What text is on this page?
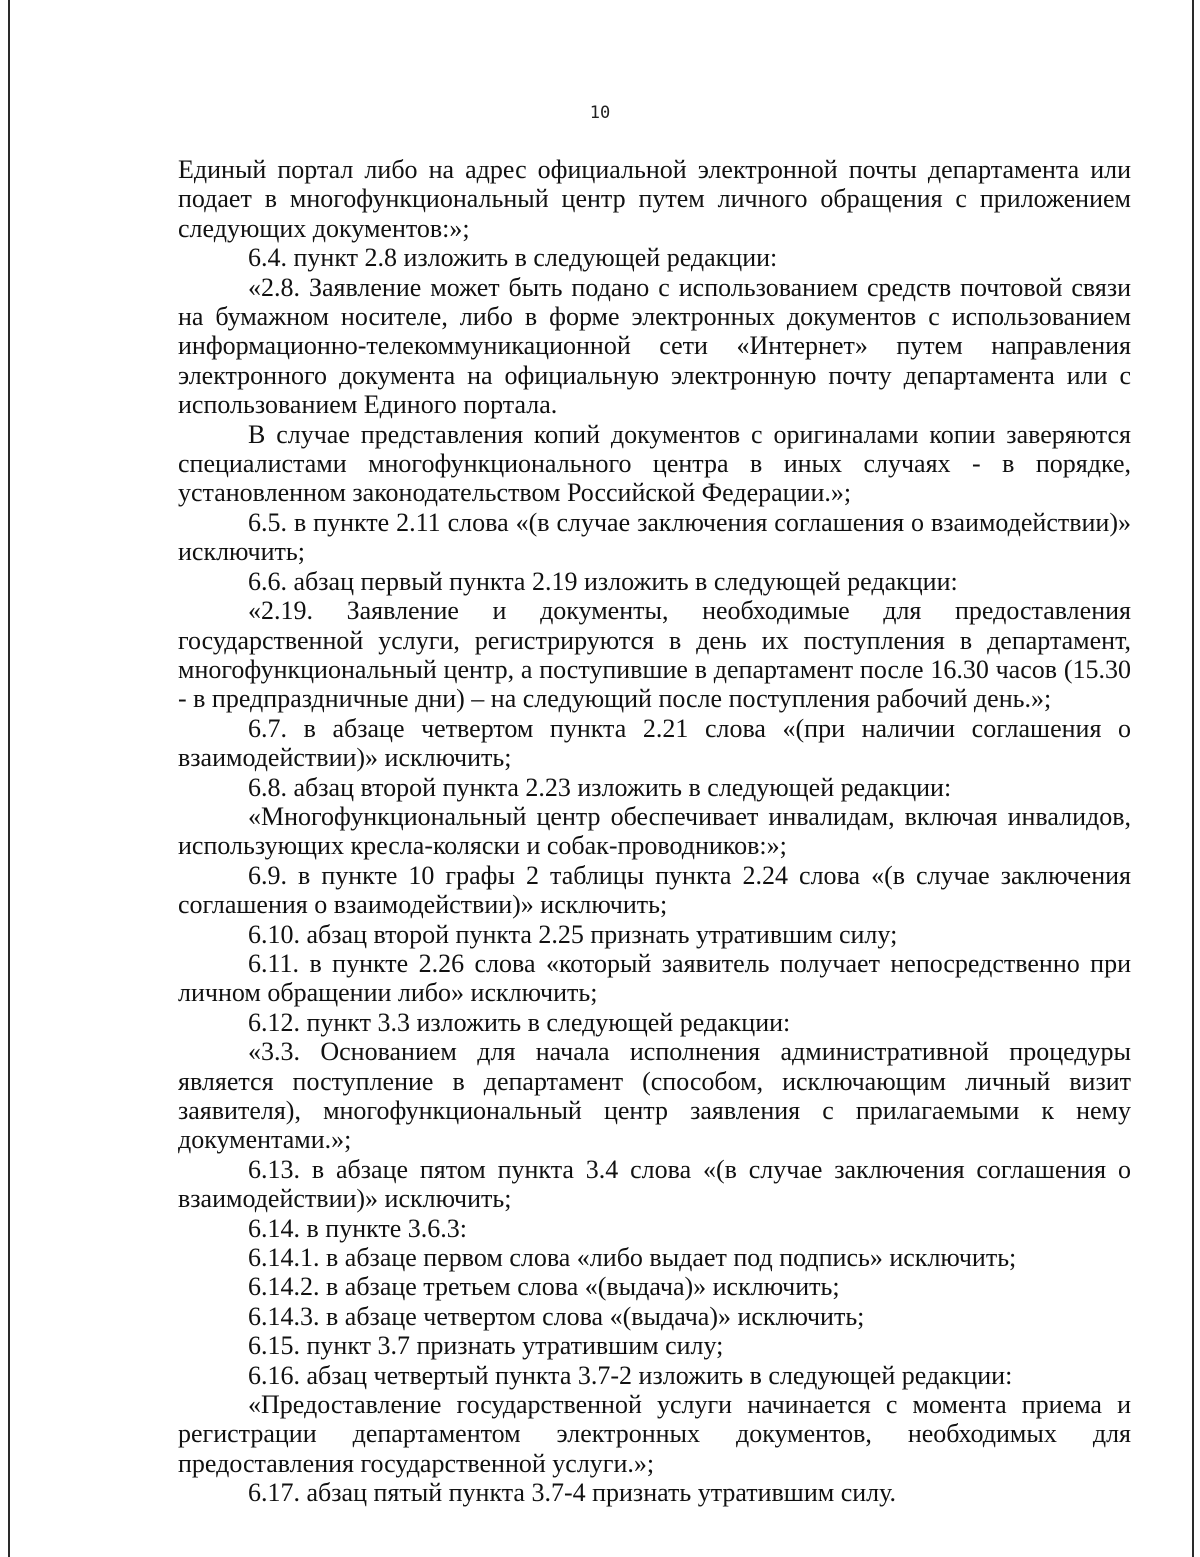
10

Единый портал либо на адрес официальной электронной почты департамента или подает в многофункциональный центр путем личного обращения с приложением следующих документов:»;

6.4. пункт 2.8 изложить в следующей редакции:

«2.8. Заявление может быть подано с использованием средств почтовой связи на бумажном носителе, либо в форме электронных документов с использованием информационно-телекоммуникационной сети «Интернет» путем направления электронного документа на официальную электронную почту департамента или с использованием Единого портала.

В случае представления копий документов с оригиналами копии заверяются специалистами многофункционального центра в иных случаях - в порядке, установленном законодательством Российской Федерации.»;

6.5. в пункте 2.11 слова «(в случае заключения соглашения о взаимодействии)» исключить;

6.6. абзац первый пункта 2.19 изложить в следующей редакции:

«2.19. Заявление и документы, необходимые для предоставления государственной услуги, регистрируются в день их поступления в департамент, многофункциональный центр, а поступившие в департамент после 16.30 часов (15.30 - в предпраздничные дни) – на следующий после поступления рабочий день.»;

6.7. в абзаце четвертом пункта 2.21 слова «(при наличии соглашения о взаимодействии)» исключить;

6.8. абзац второй пункта 2.23 изложить в следующей редакции:

«Многофункциональный центр обеспечивает инвалидам, включая инвалидов, использующих кресла-коляски и собак-проводников:»;

6.9. в пункте 10 графы 2 таблицы пункта 2.24 слова «(в случае заключения соглашения о взаимодействии)» исключить;

6.10. абзац второй пункта 2.25 признать утратившим силу;

6.11. в пункте 2.26 слова «который заявитель получает непосредственно при личном обращении либо» исключить;

6.12. пункт 3.3 изложить в следующей редакции:

«3.3. Основанием для начала исполнения административной процедуры является поступление в департамент (способом, исключающим личный визит заявителя), многофункциональный центр заявления с прилагаемыми к нему документами.»;

6.13. в абзаце пятом пункта 3.4 слова «(в случае заключения соглашения о взаимодействии)» исключить;

6.14. в пункте 3.6.3:

6.14.1. в абзаце первом слова «либо выдает под подпись» исключить;

6.14.2. в абзаце третьем слова «(выдача)» исключить;

6.14.3. в абзаце четвертом слова «(выдача)» исключить;

6.15. пункт 3.7 признать утратившим силу;

6.16. абзац четвертый пункта 3.7-2 изложить в следующей редакции:

«Предоставление государственной услуги начинается с момента приема и регистрации департаментом электронных документов, необходимых для предоставления государственной услуги.»;

6.17. абзац пятый пункта 3.7-4 признать утратившим силу.
